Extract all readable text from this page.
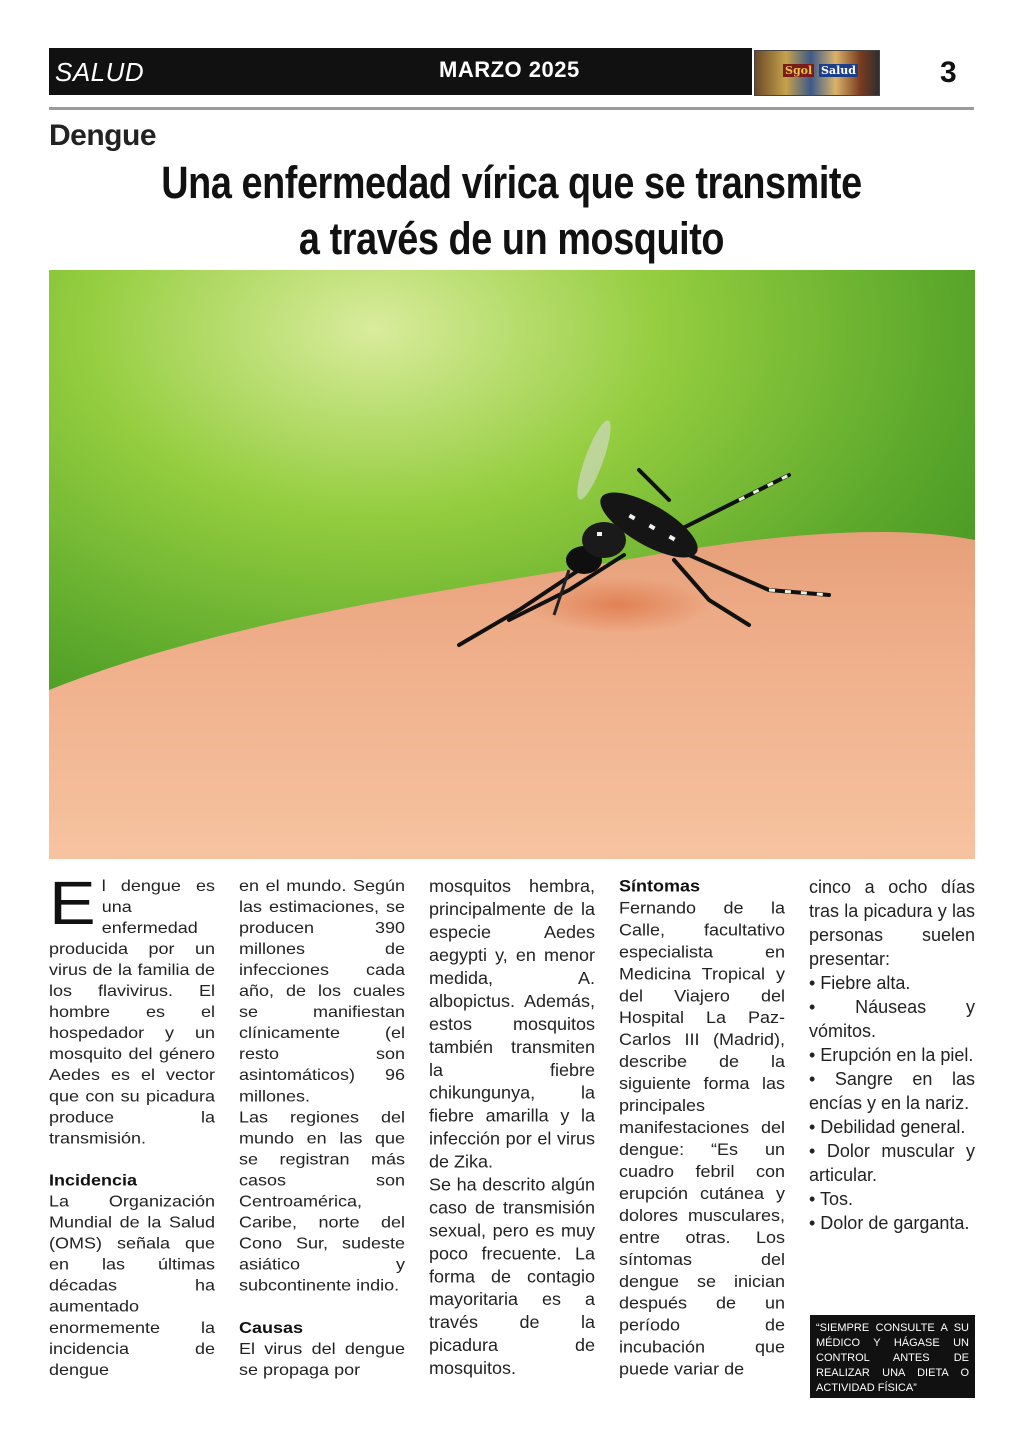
SALUD	MARZO 2025	Sgol Salud	3
Dengue
Una enfermedad vírica que se transmite
a través de un mosquito

El dengue es una enfermedad producida por un virus de la familia de los flavivirus. El hombre es el hospedador y un mosquito del género Aedes es el vector que con su picadura produce la transmisión.

Incidencia

La Organización Mundial de la Salud (OMS) señala que en las últimas décadas ha aumentado enormemente la incidencia de dengue

en el mundo. Según las estimaciones, se producen 390 millones de infecciones cada año, de los cuales se manifiestan clínicamente (el resto son asintomáticos) 96 millones.

Las regiones del mundo en las que se registran más casos son Centroamérica, Caribe, norte del Cono Sur, sudeste asiático y subcontinente indio.

Causas

El virus del dengue se propaga por

mosquitos hembra, principalmente de la especie Aedes aegypti y, en menor medida, A. albopictus. Además, estos mosquitos también transmiten la fiebre chikungunya, la fiebre amarilla y la infección por el virus de Zika.

Se ha descrito algún caso de transmisión sexual, pero es muy poco frecuente. La forma de contagio mayoritaria es a través de la picadura de mosquitos.

Síntomas

Fernando de la Calle, facultativo especialista en Medicina Tropical y del Viajero del Hospital La Paz-Carlos III (Madrid), describe de la siguiente forma las principales manifestaciones del dengue: “Es un cuadro febril con erupción cutánea y dolores musculares, entre otras. Los síntomas del dengue se inician después de un período de incubación que puede variar de

cinco a ocho días tras la picadura y las personas suelen presentar:

• Fiebre alta.
• Náuseas y vómitos.
• Erupción en la piel.
• Sangre en las encías y en la nariz.
• Debilidad general.
• Dolor muscular y articular.
• Tos.
• Dolor de garganta.
“SIEMPRE CONSULTE A SU MÉDICO Y HÁGASE UN CONTROL ANTES DE REALIZAR UNA DIETA O ACTIVIDAD FÍSICA”
